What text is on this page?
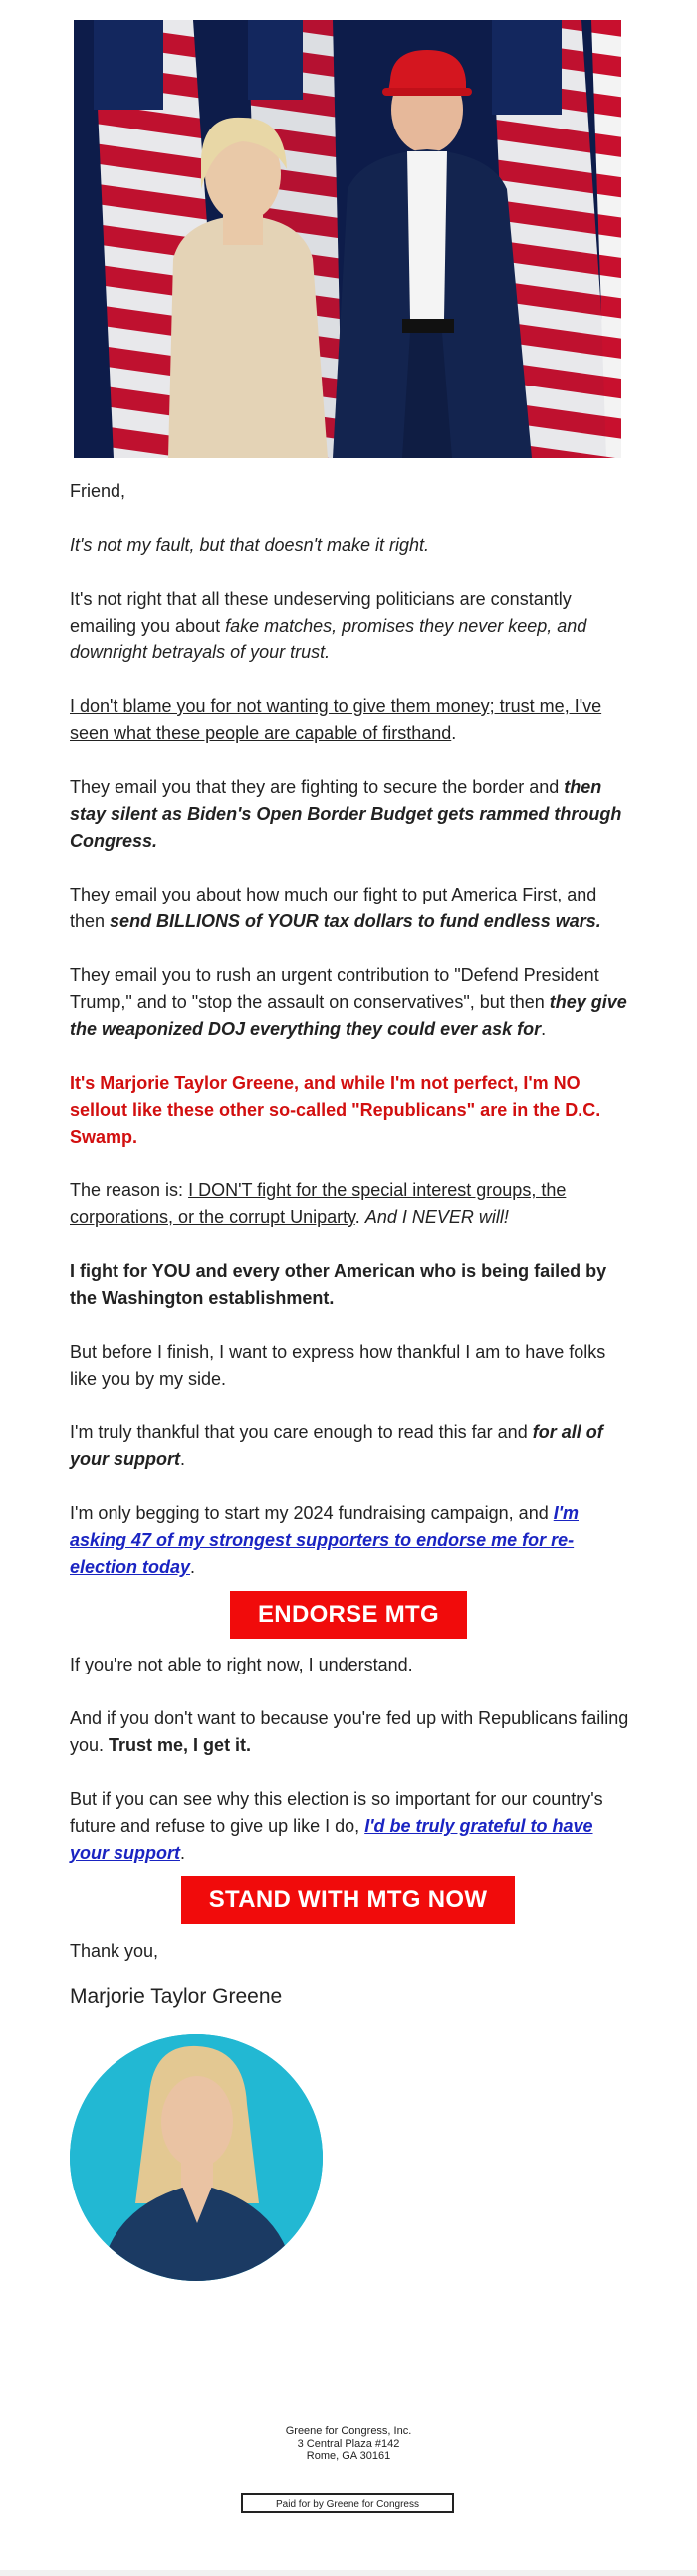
Friend,

It's not my fault, but that doesn't make it right.

It's not right that all these undeserving politicians are constantly emailing you about fake matches, promises they never keep, and downright betrayals of your trust.

I don't blame you for not wanting to give them money; trust me, I've seen what these people are capable of firsthand.

They email you that they are fighting to secure the border and then stay silent as Biden's Open Border Budget gets rammed through Congress.

They email you about how much our fight to put America First, and then send BILLIONS of YOUR tax dollars to fund endless wars.

They email you to rush an urgent contribution to "Defend President Trump," and to "stop the assault on conservatives", but then they give the weaponized DOJ everything they could ever ask for.

It's Marjorie Taylor Greene, and while I'm not perfect, I'm NO sellout like these other so-called "Republicans" are in the D.C. Swamp.

The reason is: I DON'T fight for the special interest groups, the corporations, or the corrupt Uniparty. And I NEVER will!

I fight for YOU and every other American who is being failed by the Washington establishment.

But before I finish, I want to express how thankful I am to have folks like you by my side.

I'm truly thankful that you care enough to read this far and for all of your support.

I'm only begging to start my 2024 fundraising campaign, and I'm asking 47 of my strongest supporters to endorse me for re-election today.

ENDORSE MTG

If you're not able to right now, I understand.

And if you don't want to because you're fed up with Republicans failing you. Trust me, I get it.

But if you can see why this election is so important for our country's future and refuse to give up like I do, I'd be truly grateful to have your support.

STAND WITH MTG NOW

Thank you,

Marjorie Taylor Greene
Greene for Congress, Inc.
3 Central Plaza #142
Rome, GA 30161
Paid for by Greene for Congress
